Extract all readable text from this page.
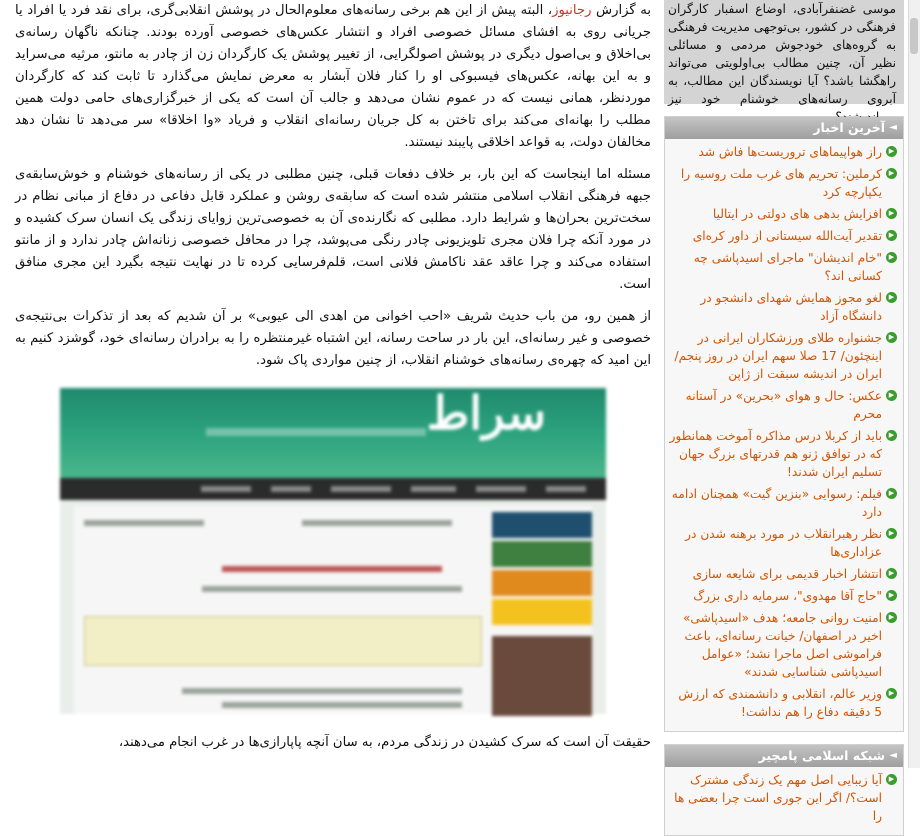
به گزارش رجانیوز، البته پیش از این هم برخی رسانه‌های معلوم‌الحال در پوشش انقلابی‌گری، برای نقد فرد یا افراد یا جریانی روی به افشای مسائل خصوصی افراد و انتشار عکس‌های خصوصی آورده بودند. چنانکه ناگهان رسانه‌ی بی‌اخلاق و بی‌اصول دیگری در پوشش اصولگرایی، از تغییر پوشش یک کارگردان زن از چادر به مانتو، مرثیه می‌سراید و به این بهانه، عکس‌های فیسبوکی او را کنار فلان آبشار به معرض نمایش می‌گذارد تا ثابت کند که کارگردان موردنظر، همانی نیست که در عموم نشان می‌دهد و جالب آن است که یکی از خبرگزاری‌های حامی دولت همین مطلب را بهانه‌ای می‌کند برای تاختن به کل جریان رسانه‌ای انقلاب و فریاد «وا اخلاقا» سر می‌دهد تا نشان دهد مخالفان دولت، به قواعد اخلاقی پایبند نیستند.

مسئله اما اینجاست که این بار، بر خلاف دفعات قبلی، چنین مطلبی در یکی از رسانه‌های خوشنام و خوش‌سابقه‌ی جبهه فرهنگی انقلاب اسلامی منتشر شده است که سابقه‌ی روشن و عملکرد قابل دفاعی در دفاع از مبانی نظام در سخت‌ترین بحران‌ها و شرایط دارد. مطلبی که نگارنده‌ی آن به خصوصی‌ترین زوایای زندگی یک انسان سرک کشیده و در مورد آنکه چرا فلان مجری تلویزیونی چادر رنگی می‌پوشد، چرا در محافل خصوصی زنانه‌اش چادر ندارد و از مانتو استفاده می‌کند و چرا عاقد عقد ناکامش فلانی است، قلم‌فرسایی کرده تا در نهایت نتیجه بگیرد این مجری منافق است.

از همین رو، من باب حدیث شریف «احب اخوانی من اهدی الی عیوبی» بر آن شدیم که بعد از تذکرات بی‌نتیجه‌ی خصوصی و غیر رسانه‌ای، این بار در ساحت رسانه، این اشتباه غیرمنتظره را به برادران رسانه‌ای خود، گوشزد کنیم به این امید که چهره‌ی رسانه‌های خوشنام انقلاب، از چنین مواردی پاک شود.

سراط

حقیقت آن است که سرک کشیدن در زندگی مردم، به سان آنچه پاپارازی‌ها در غرب انجام می‌دهند،

موسی غضنفرآبادی، اوضاع اسفبار کارگران فرهنگی در کشور، بی‌توجهی مدیریت فرهنگی به گروه‌های خودجوش مردمی و مسائلی نظیر آن، چنین مطالب بی‌اولویتی می‌تواند راهگشا باشد؟ آیا نویسندگان این مطالب، به آبروی رسانه‌های خوشنام خود نیز
◄
آخرین اخبار
▶
راز هواپیماهای تروریست‌ها فاش شد
▶
کرملین: تحریم های غرب ملت روسیه را یکپارچه کرد
▶
افزایش بدهی های دولتی در ایتالیا
▶
تقدیر آیت‌الله سیستانی از داور کره‌ای
▶
"خام اندیشان" ماجرای اسیدپاشی چه کسانی اند؟
▶
لغو مجوز همایش شهدای دانشجو در دانشگاه آزاد
▶
جشنواره طلای ورزشکاران ایرانی در اینچئون/ 17 صلا سهم ایران در روز پنجم/ایران در اندیشه سبقت از ژاپن
▶
عکس: حال و هوای «بحرین» در آستانه محرم
▶
باید از کربلا درس مذاکره آموخت همانطور که در توافق ژنو هم قدرتهای بزرگ جهان تسلیم ایران شدند!
▶
فیلم: رسوایی «بنزین گیت» همچنان ادامه دارد
▶
نظر رهبرانقلاب در مورد برهنه شدن در عزاداری‌ها
▶
انتشار اخبار قدیمی برای شایعه سازی
▶
"حاج آقا مهدوی"، سرمایه داری بزرگ
▶
امنیت روانی جامعه؛ هدف «اسیدپاشی» اخیر در اصفهان/ خیانت رسانه‌ای، باعث فراموشی اصل ماجرا نشد؛ «عوامل اسیدپاشی شناسایی شدند»
▶
وزیر عالم، انقلابی و دانشمندی که ارزش 5 دقیقه دفاع را هم نداشت!
◄
شبکه اسلامی پامچیر
▶
آیا زیبایی اصل مهم یک زندگی مشترک است؟/ اگر این جوری است چرا بعضی ها را
